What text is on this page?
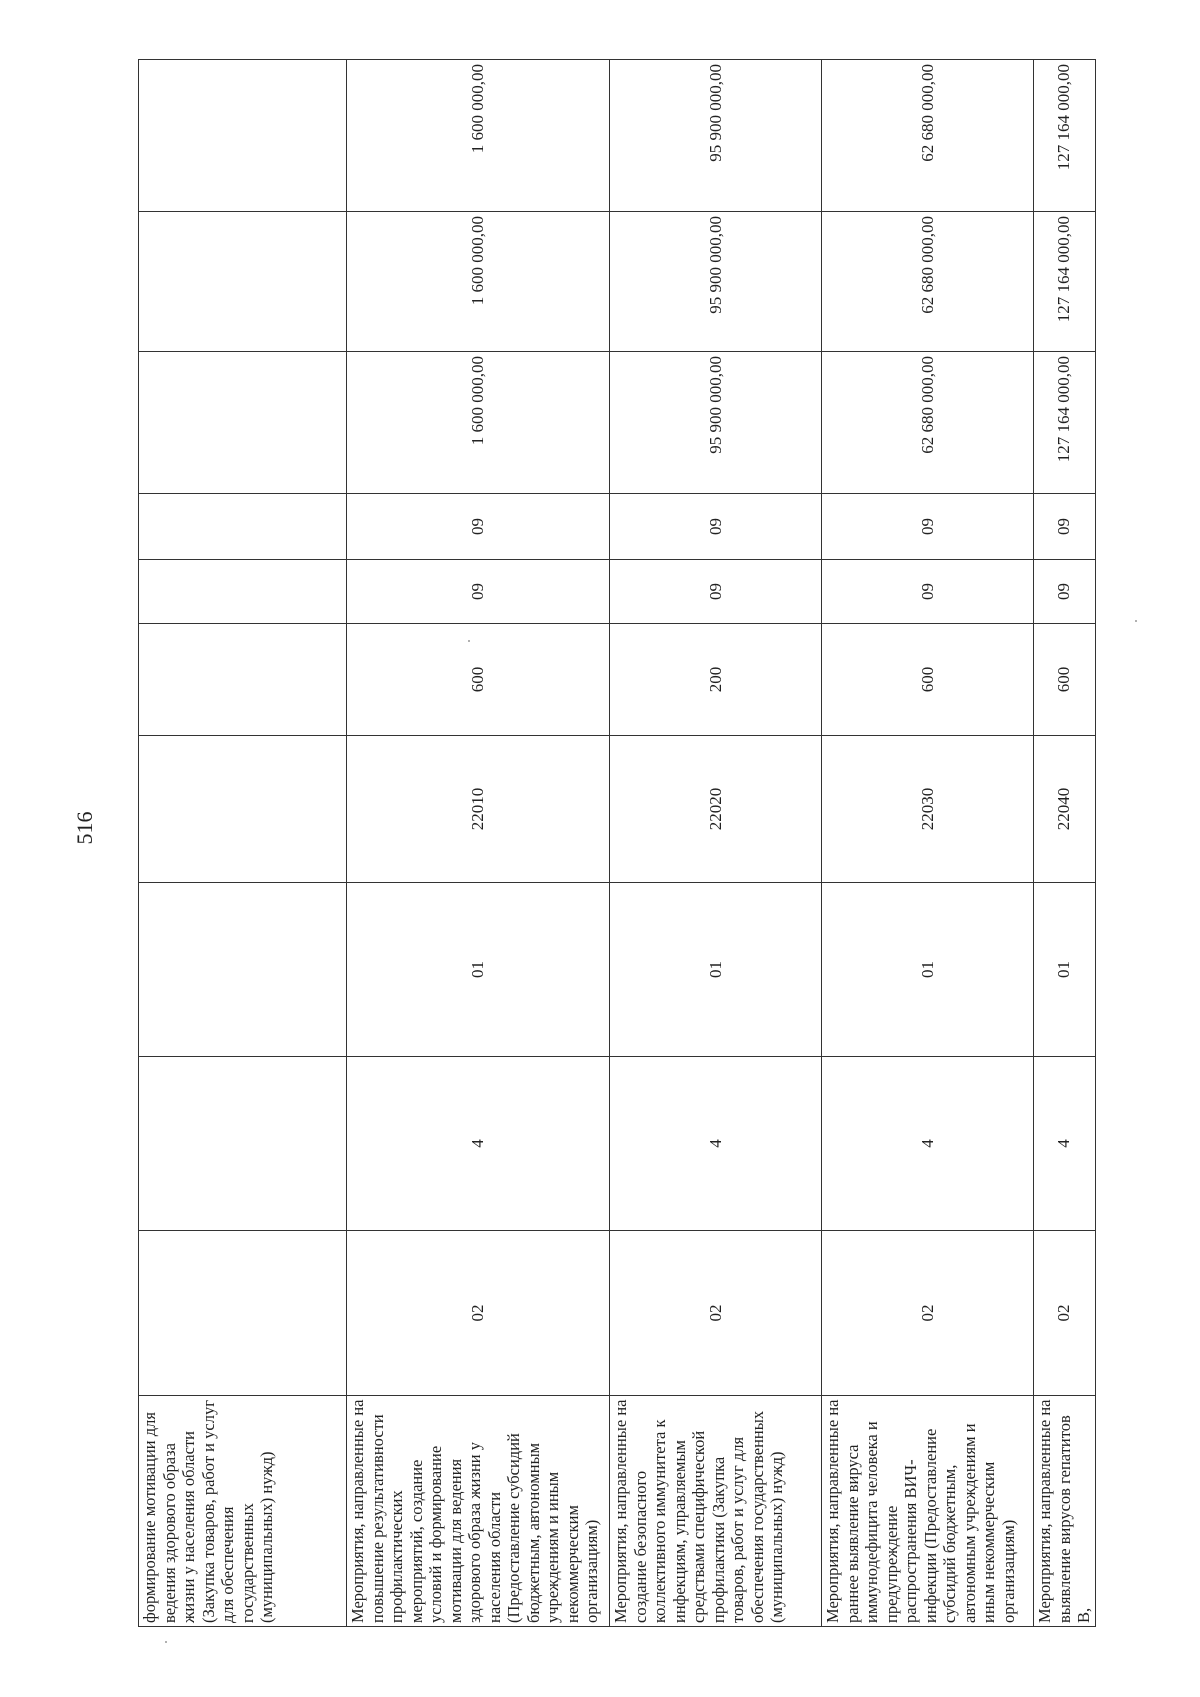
516
формирование мотивации для ведения здорового образа жизни у населения области (Закупка товаров, работ и услуг для обеспечения государственных (муниципальных) нужд)										
Мероприятия, направленные на повышение результативности профилактических мероприятий, создание условий и формирование мотивации для ведения здорового образа жизни у населения области (Предоставление субсидий бюджетным, автономным учреждениям и иным некоммерческим организациям)	02	4	01	22010	600	09	09	1 600 000,00	1 600 000,00	1 600 000,00
Мероприятия, направленные на создание безопасного коллективного иммунитета к инфекциям, управляемым средствами специфической профилактики (Закупка товаров, работ и услуг для обеспечения государственных (муниципальных) нужд)	02	4	01	22020	200	09	09	95 900 000,00	95 900 000,00	95 900 000,00
Мероприятия, направленные на раннее выявление вируса иммунодефицита человека и предупреждение распространения ВИЧ-инфекции (Предоставление субсидий бюджетным, автономным учреждениям и иным некоммерческим организациям)	02	4	01	22030	600	09	09	62 680 000,00	62 680 000,00	62 680 000,00
Мероприятия, направленные на выявление вирусов гепатитов В,	02	4	01	22040	600	09	09	127 164 000,00	127 164 000,00	127 164 000,00
